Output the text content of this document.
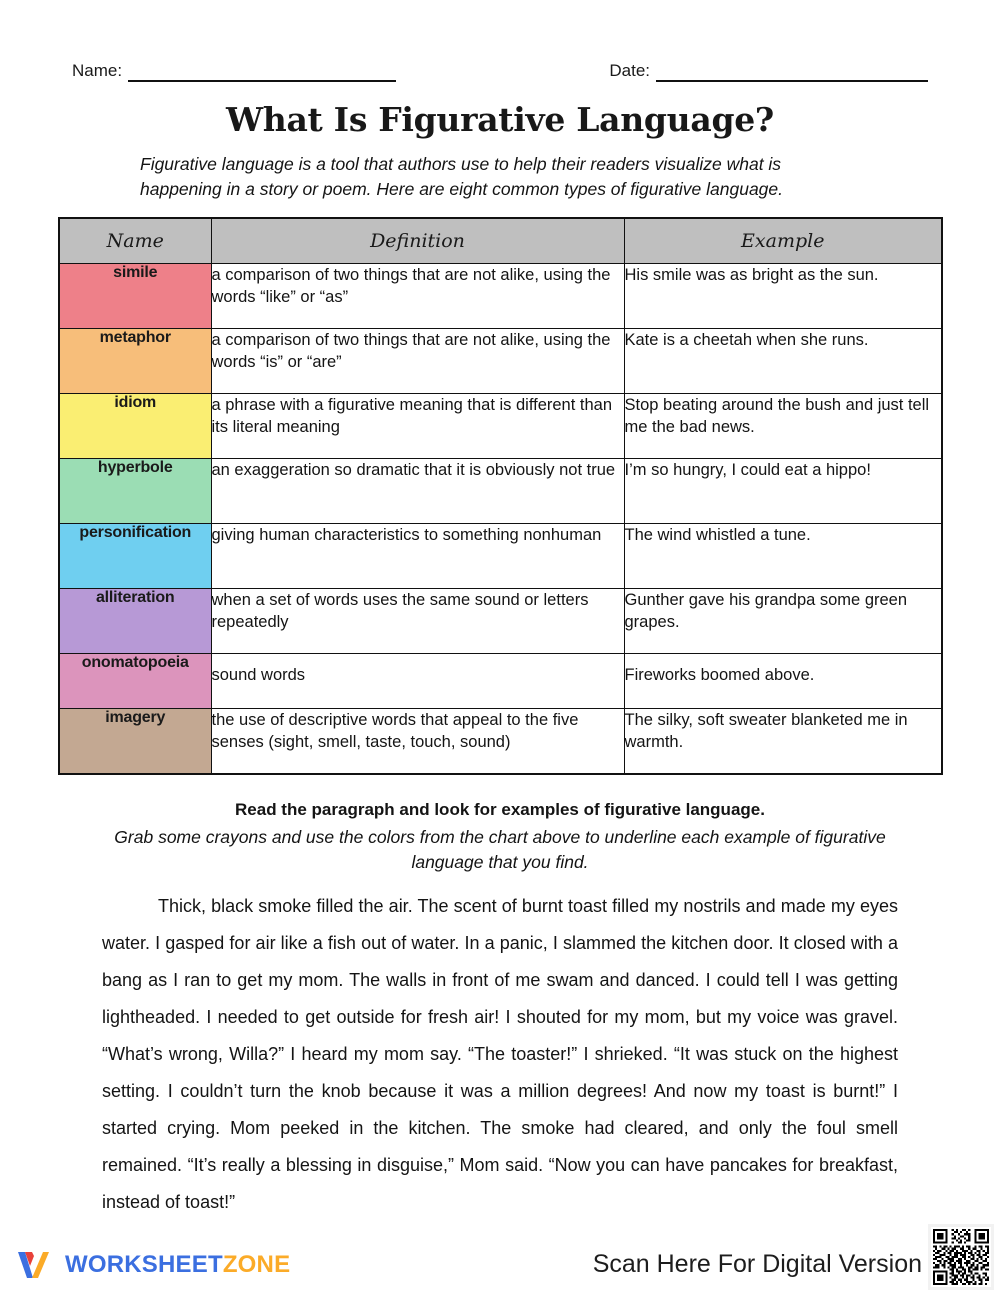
Name:	Date:
What Is Figurative Language?
Figurative language is a tool that authors use to help their readers visualize what is happening in a story or poem. Here are eight common types of figurative language.
Name	Definition	Example
simile	a comparison of two things that are not alike, using the words “like” or “as”	His smile was as bright as the sun.
metaphor	a comparison of two things that are not alike, using the words “is” or “are”	Kate is a cheetah when she runs.
idiom	a phrase with a figurative meaning that is different than its literal meaning	Stop beating around the bush and just tell me the bad news.
hyperbole	an exaggeration so dramatic that it is obviously not true	I’m so hungry, I could eat a hippo!
personification	giving human characteristics to something nonhuman	The wind whistled a tune.
alliteration	when a set of words uses the same sound or letters repeatedly	Gunther gave his grandpa some green grapes.
onomatopoeia	sound words	Fireworks boomed above.
imagery	the use of descriptive words that appeal to the five senses (sight, smell, taste, touch, sound)	The silky, soft sweater blanketed me in warmth.
Read the paragraph and look for examples of figurative language.
Grab some crayons and use the colors from the chart above to underline each example of figurative language that you find.
Thick, black smoke filled the air. The scent of burnt toast filled my nostrils and made my eyes water. I gasped for air like a fish out of water. In a panic, I slammed the kitchen door. It closed with a bang as I ran to get my mom. The walls in front of me swam and danced. I could tell I was getting lightheaded. I needed to get outside for fresh air! I shouted for my mom, but my voice was gravel. “What’s wrong, Willa?” I heard my mom say. “The toaster!” I shrieked. “It was stuck on the highest setting. I couldn’t turn the knob because it was a million degrees! And now my toast is burnt!” I started crying. Mom peeked in the kitchen. The smoke had cleared, and only the foul smell remained. “It’s really a blessing in disguise,” Mom said. “Now you can have pancakes for breakfast, instead of toast!”
WORKSHEETZONE	Scan Here For Digital Version
